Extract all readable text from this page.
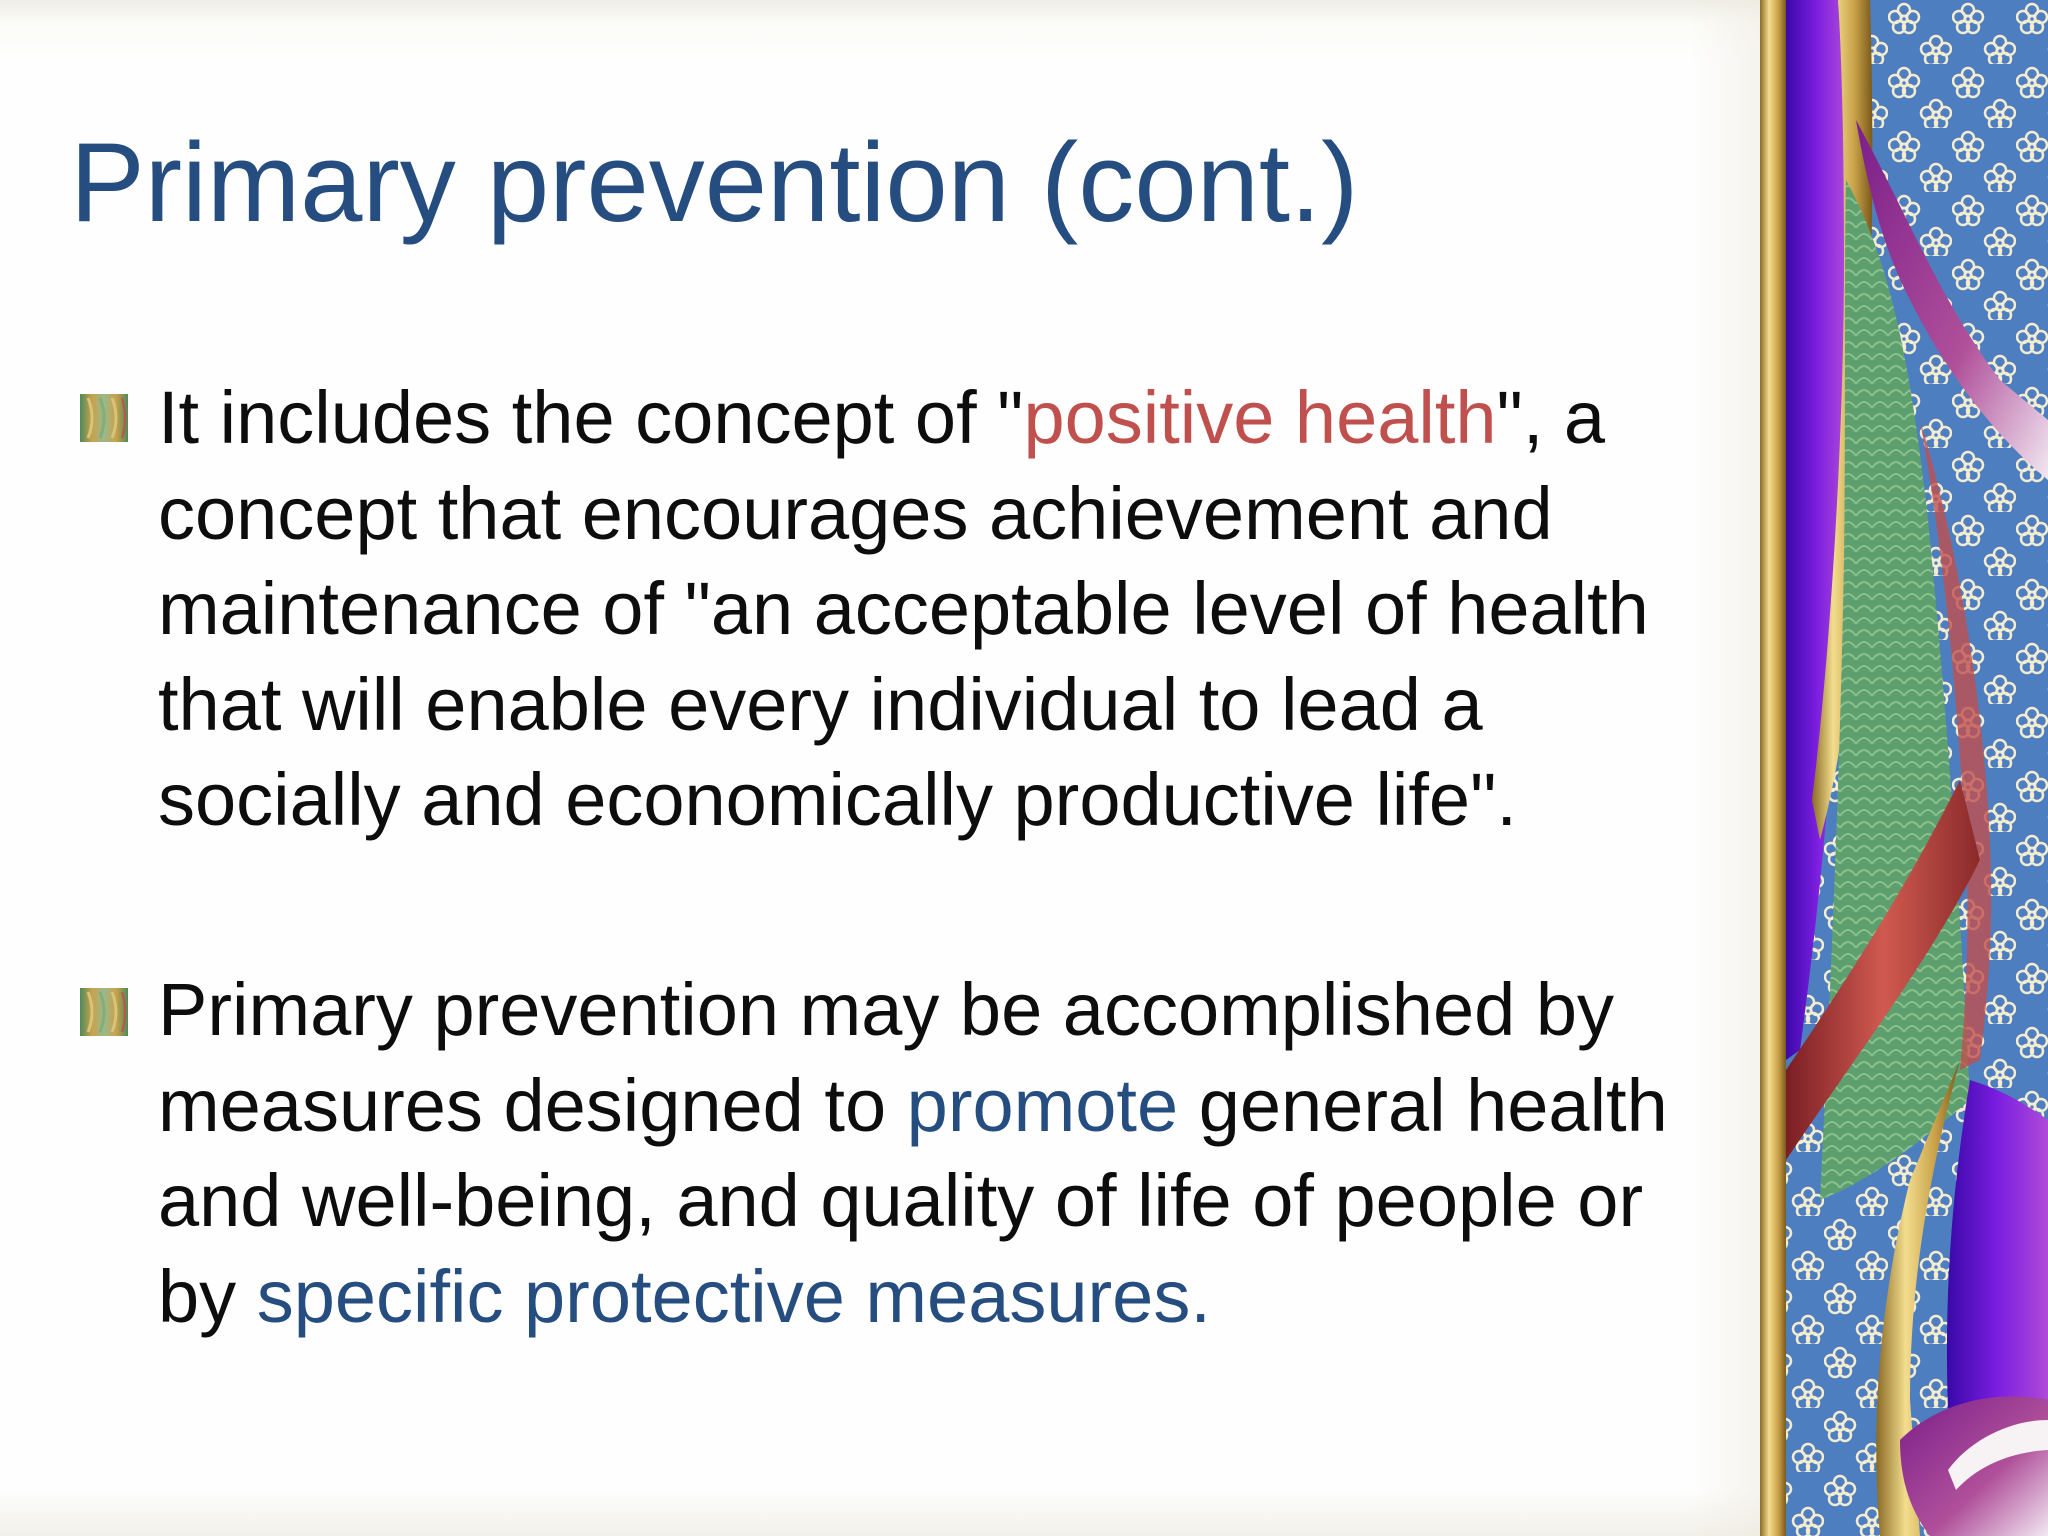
Primary prevention (cont.)

It includes the concept of "positive health", a concept that encourages achievement and maintenance of "an acceptable level of health that will enable every individual to lead a socially and economically productive life".

Primary prevention may be accomplished by measures designed to promote general health and well-being, and quality of life of people or by specific protective measures.
